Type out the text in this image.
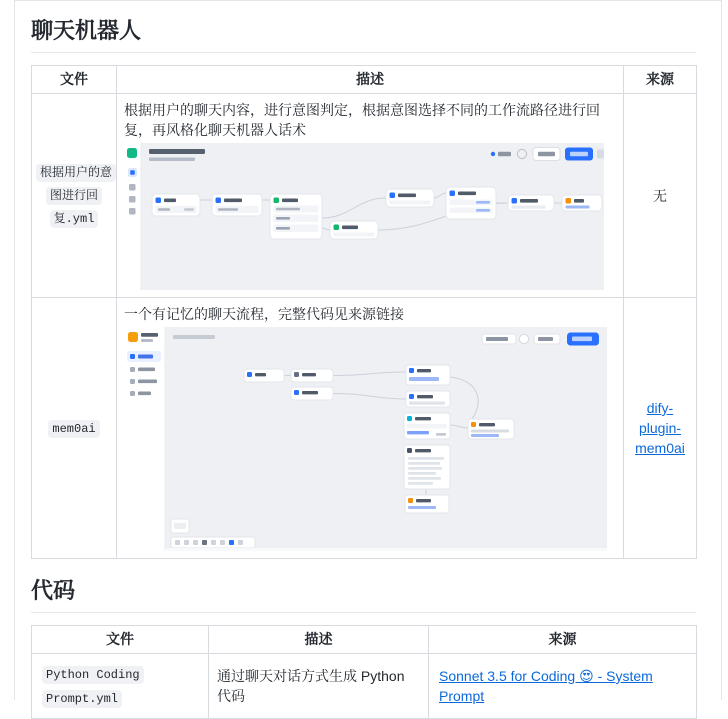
聊天机器人
文件	描述	来源
根据用户的意图进行回复.yml	根据用户的聊天内容，进行意图判定，根据意图选择不同的工作流路径进行回复，再风格化聊天机器人话术	无
mem0ai	一个有记忆的聊天流程，完整代码见来源链接	dify-plugin-mem0ai
代码
文件	描述	来源
Python Coding Prompt.yml	通过聊天对话方式生成 Python 代码	Sonnet 3.5 for Coding 😍 - System Prompt
